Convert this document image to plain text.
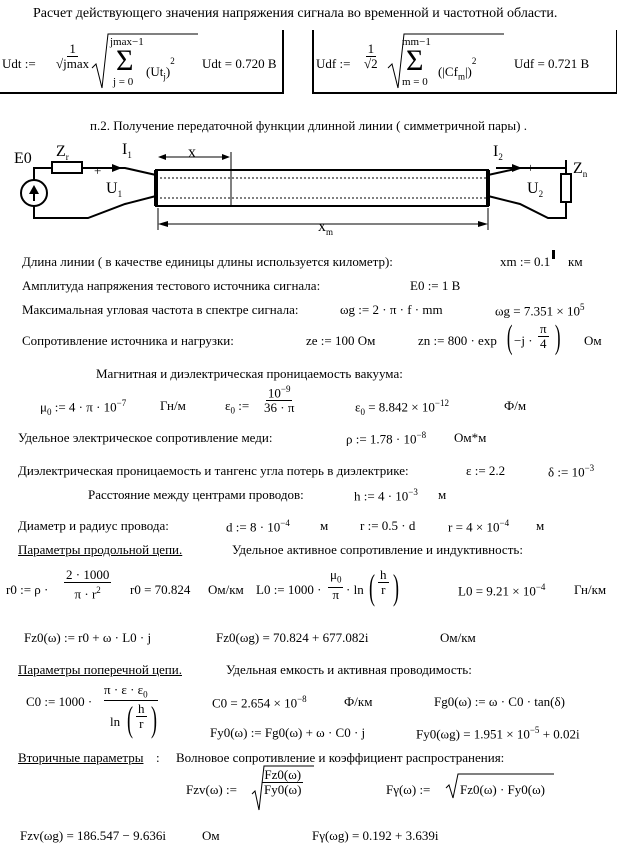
Расчет действующего значения напряжения сигнала во временной и частотной области.
Udt :=
1
√jmax
jmax−1
Σ
j = 0
$(Ut_j)^2$ Udt = 0.720 В	Udf := $\frac{1}{√2} mm-1$
Σ
m = 0
$(|Cf_m|)^2$	Udf = 0.721 В
п.2. Получение передаточной функции длинной линии ( симметричной пары) .
E0 $Z_r$	$I_1$	x
+
$U_1$
$I_2$
+
$U_2$
$Z_n$
$x_m$
Длина линии ( в качестве единицы длины используется километр):	xm := 0.1 км
Амплитуда напряжения тестового источника сигнала:	E0 := 1 В
Максимальная угловая частота в спектре сигнала:	ωg := 2 · π · f · mm	$\omega g = 7.351 \times 10^5$
Сопротивление источника и нагрузки:	ze := 100 Ом	zn := 800 · exp ( $-j \cdot \frac{\pi}{4}$ ) Ом
Магнитная и диэлектрическая проницаемость вакуума:
$\mu_0$ := $4 \cdot \pi \cdot 10^{-7}$	Гн/м	$\varepsilon_0$ := $\frac{10^{-9}}{36 \cdot \pi}$	$\varepsilon_0 = 8.842 \times 10^{-12}$	Ф/м
Удельное электрическое сопротивление меди:	ρ := $1.78 \cdot 10^{-8}$ Ом*м
Диэлектрическая проницаемость и тангенс угла потерь в диэлектрике:	ε := 2.2	δ := $10^{-3}$
Расстояние между центрами проводов:	h := $4 \cdot 10^{-3}$ м
Диаметр и радиус провода:	d := $8 \cdot 10^{-4}$ м r := 0.5 · d	$r = 4 \times 10^{-4}$ м
Параметры продольной цепи.	Удельное активное сопротивление и индуктивность:
r0 := $\rho \cdot \frac{2 \cdot 1000}{\pi \cdot r^2} r0 = 70.824$ Ом/км L0 := $1000 \cdot \frac{\mu_0}{\pi} \cdot \ln$ ( $\frac{h}{r}$ )	$L0 = 9.21 \times 10^{-4}$ Гн/км
Fz0(ω) := r0 + ω · L0 · j	Fz0(ωg) = 70.824 + 677.082i	Ом/км
Параметры поперечной цепи.	Удельная емкость и активная проводимость:
C0 := 1000 ·
$\pi \cdot \varepsilon \cdot \varepsilon_0$
ln ( $\frac{h}{r}$ )	$C0 = 2.654 \times 10^{-8}$	Ф/км	Fg0(ω) := ω · C0 · tan(δ)
Fy0(ω) := Fg0(ω) + ω · C0 · j	$Fy0(\omega g) = 1.951 \times 10^{-5} + 0.02i$
Вторичные параметры : Волновое сопротивление и коэффициент распространения:
Fzv(ω) := $\frac{Fz0(\omega)}{Fy0(\omega)}$	Fγ(ω) := Fz0(ω) · Fy0(ω)
Fzv(ωg) = 186.547 − 9.636i	Ом	Fγ(ωg) = 0.192 + 3.639i
